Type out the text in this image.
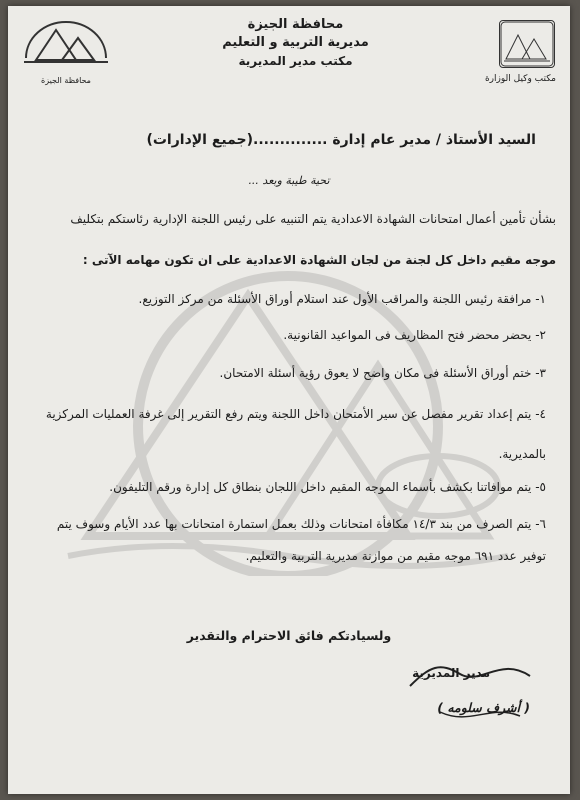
مكتب وكيل الوزارة
محافظة الجيزة
مديرية التربية و التعليم
مكتب مدير المديرية
محافظة الجيزة
السيد الأستاذ / مدير عام إدارة ..............(جميع الإدارات)
تحية طيبة وبعد ...
بشأن تأمين أعمال امتحانات الشهادة الاعدادية يتم التنبيه على رئيس اللجنة الإدارية رئاستكم بتكليف
موجه مقيم داخل كل لجنة من لجان الشهادة الاعدادية على ان تكون مهامه الآتى :
١- مرافقة رئيس اللجنة والمراقب الأول عند استلام أوراق الأسئلة من مركز التوزيع.
٢- يحضر محضر فتح المظاريف فى المواعيد القانونية.
٣- ختم أوراق الأسئلة فى مكان واضح لا يعوق رؤية أسئلة الامتحان.
٤- يتم إعداد تقرير مفصل عن سير الأمتحان داخل اللجنة ويتم رفع التقرير إلى غرفة العمليات المركزية بالمديرية.
٥- يتم موافاتنا بكشف بأسماء الموجه المقيم داخل اللجان بنطاق كل إدارة ورقم التليفون.
٦- يتم الصرف من بند ١٤/٣ مكافأة امتحانات وذلك بعمل استمارة امتحانات بها عدد الأيام وسوف يتم توفير عدد ٦٩١ موجه مقيم من موازنة مديرية التربية والتعليم.
ولسيادتكم فائق الاحترام والتقدير
مدير المديرية
( أشرف سلومه )
